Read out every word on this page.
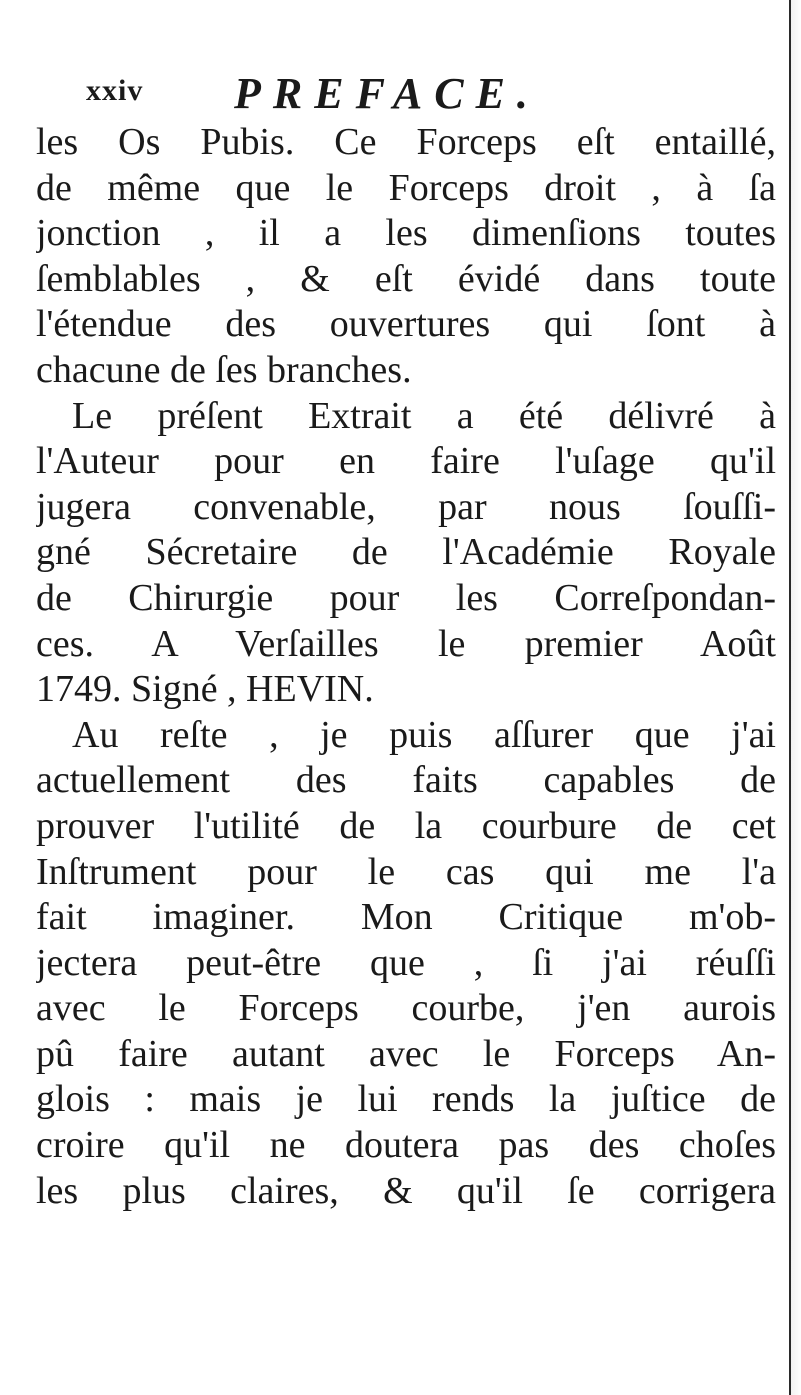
xxiv PREFACE.
les Os Pubis. Ce Forceps eſt entaillé,
de même que le Forceps droit , à ſa
jonction , il a les dimenſions toutes
ſemblables , & eſt évidé dans toute
l'étendue des ouvertures qui ſont à
chacune de ſes branches.
Le préſent Extrait a été délivré à
l'Auteur pour en faire l'uſage qu'il
jugera convenable, par nous ſouſſi-
gné Sécretaire de l'Académie Royale
de Chirurgie pour les Correſpondan-
ces. A Verſailles le premier Août
1749. Signé , HEVIN.
Au reſte , je puis aſſurer que j'ai
actuellement des faits capables de
prouver l'utilité de la courbure de cet
Inſtrument pour le cas qui me l'a
fait imaginer. Mon Critique m'ob-
jectera peut-être que , ſi j'ai réuſſi
avec le Forceps courbe, j'en aurois
pû faire autant avec le Forceps An-
glois : mais je lui rends la juſtice de
croire qu'il ne doutera pas des choſes
les plus claires, & qu'il ſe corrigera
